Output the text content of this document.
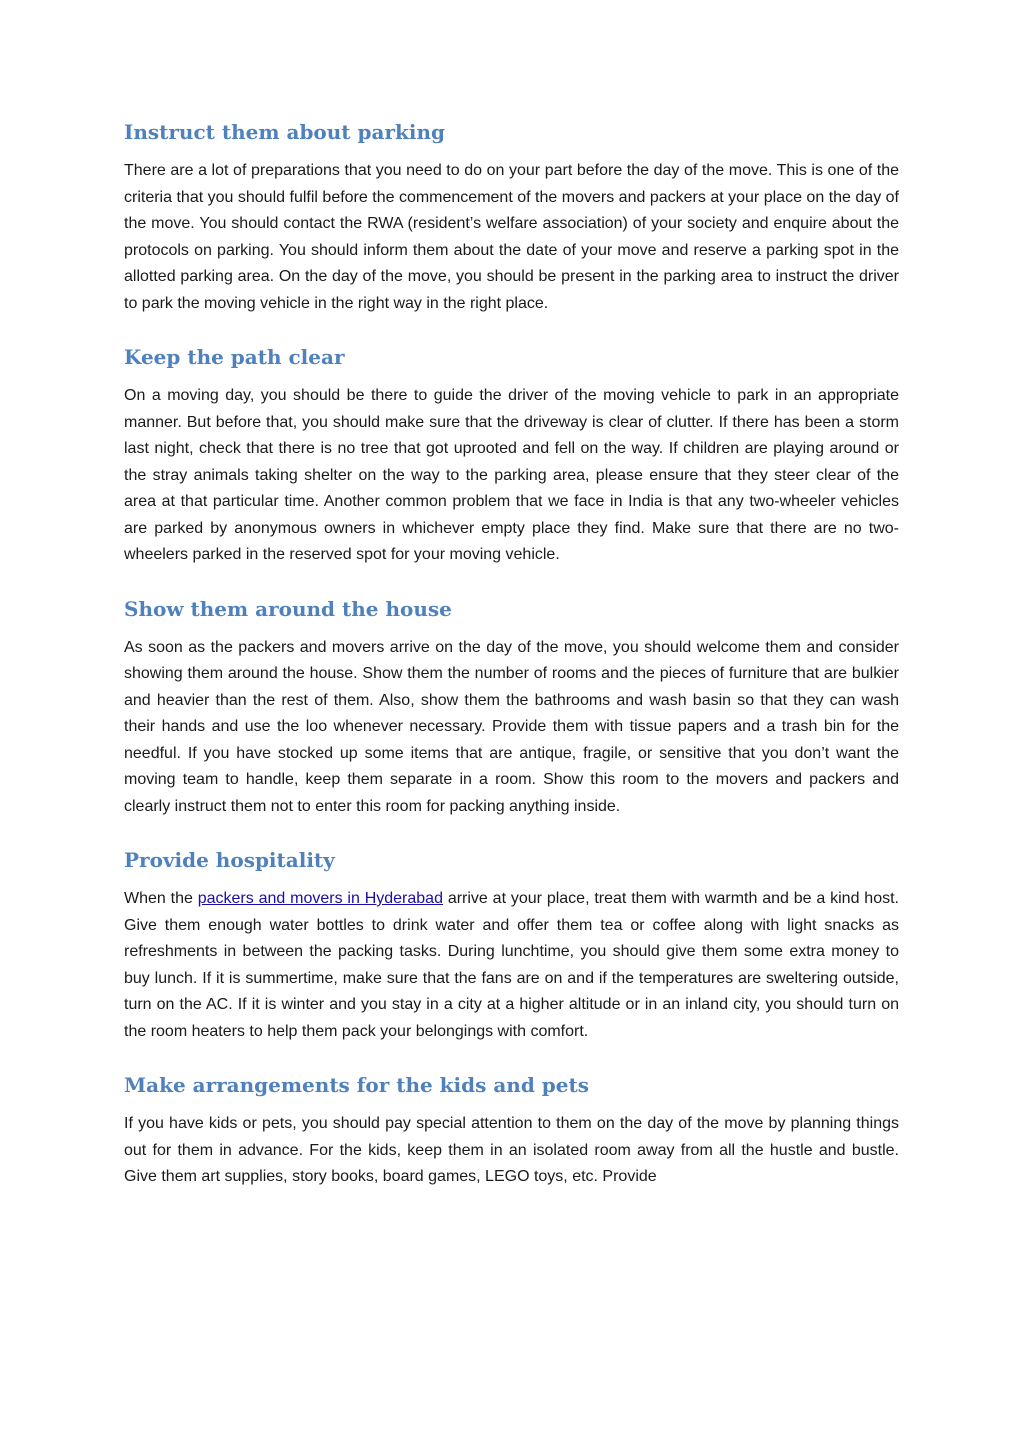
Instruct them about parking

There are a lot of preparations that you need to do on your part before the day of the move. This is one of the criteria that you should fulfil before the commencement of the movers and packers at your place on the day of the move. You should contact the RWA (resident’s welfare association) of your society and enquire about the protocols on parking. You should inform them about the date of your move and reserve a parking spot in the allotted parking area. On the day of the move, you should be present in the parking area to instruct the driver to park the moving vehicle in the right way in the right place.

Keep the path clear

On a moving day, you should be there to guide the driver of the moving vehicle to park in an appropriate manner. But before that, you should make sure that the driveway is clear of clutter. If there has been a storm last night, check that there is no tree that got uprooted and fell on the way. If children are playing around or the stray animals taking shelter on the way to the parking area, please ensure that they steer clear of the area at that particular time. Another common problem that we face in India is that any two-wheeler vehicles are parked by anonymous owners in whichever empty place they find. Make sure that there are no two-wheelers parked in the reserved spot for your moving vehicle.

Show them around the house

As soon as the packers and movers arrive on the day of the move, you should welcome them and consider showing them around the house. Show them the number of rooms and the pieces of furniture that are bulkier and heavier than the rest of them. Also, show them the bathrooms and wash basin so that they can wash their hands and use the loo whenever necessary. Provide them with tissue papers and a trash bin for the needful. If you have stocked up some items that are antique, fragile, or sensitive that you don’t want the moving team to handle, keep them separate in a room. Show this room to the movers and packers and clearly instruct them not to enter this room for packing anything inside.

Provide hospitality

When the packers and movers in Hyderabad arrive at your place, treat them with warmth and be a kind host. Give them enough water bottles to drink water and offer them tea or coffee along with light snacks as refreshments in between the packing tasks. During lunchtime, you should give them some extra money to buy lunch. If it is summertime, make sure that the fans are on and if the temperatures are sweltering outside, turn on the AC. If it is winter and you stay in a city at a higher altitude or in an inland city, you should turn on the room heaters to help them pack your belongings with comfort.

Make arrangements for the kids and pets

If you have kids or pets, you should pay special attention to them on the day of the move by planning things out for them in advance. For the kids, keep them in an isolated room away from all the hustle and bustle. Give them art supplies, story books, board games, LEGO toys, etc. Provide
